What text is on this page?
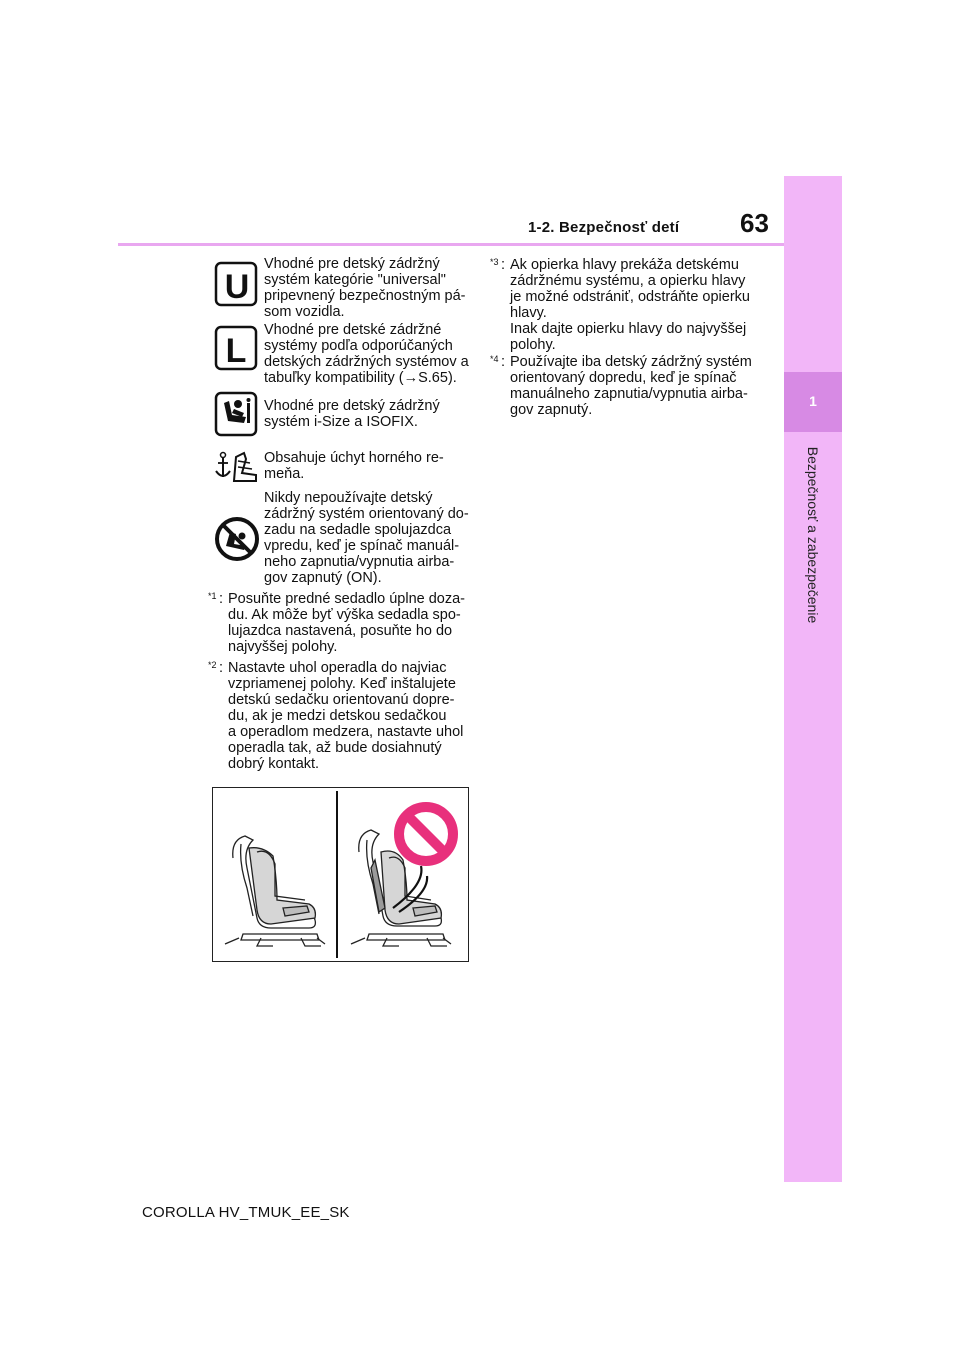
1
Bezpečnosť a zabezpečenie
1-2. Bezpečnosť detí 63
U
Vhodné pre detský zádržný systém kategórie "universal" pripevnený bezpečnostným pá-som vozidla.
L
Vhodné pre detské zádržné systémy podľa odporúčaných detských zádržných systémov a tabuľky kompatibility (→S.65).
Vhodné pre detský zádržný systém i-Size a ISOFIX.
Obsahuje úchyt horného re-meňa.
Nikdy nepoužívajte detský zádržný systém orientovaný do-zadu na sedadle spolujazdca vpredu, keď je spínač manuál-neho zapnutia/vypnutia airba-gov zapnutý (ON).
*1 : Posuňte predné sedadlo úplne doza-
du. Ak môže byť výška sedadla spo-
lujazdca nastavená, posuňte ho do
najvyššej polohy.
*2 : Nastavte uhol operadla do najviac
vzpriamenej polohy. Keď inštalujete
detskú sedačku orientovanú dopre-
du, ak je medzi detskou sedačkou
a operadlom medzera, nastavte uhol
operadla tak, až bude dosiahnutý
dobrý kontakt.
*3 : Ak opierka hlavy prekáža detskému
zádržnému systému, a opierku hlavy
je možné odstrániť, odstráňte opierku
hlavy.
Inak dajte opierku hlavy do najvyššej
polohy.
*4 : Používajte iba detský zádržný systém
orientovaný dopredu, keď je spínač
manuálneho zapnutia/vypnutia airba-
gov zapnutý.
COROLLA HV_TMUK_EE_SK
